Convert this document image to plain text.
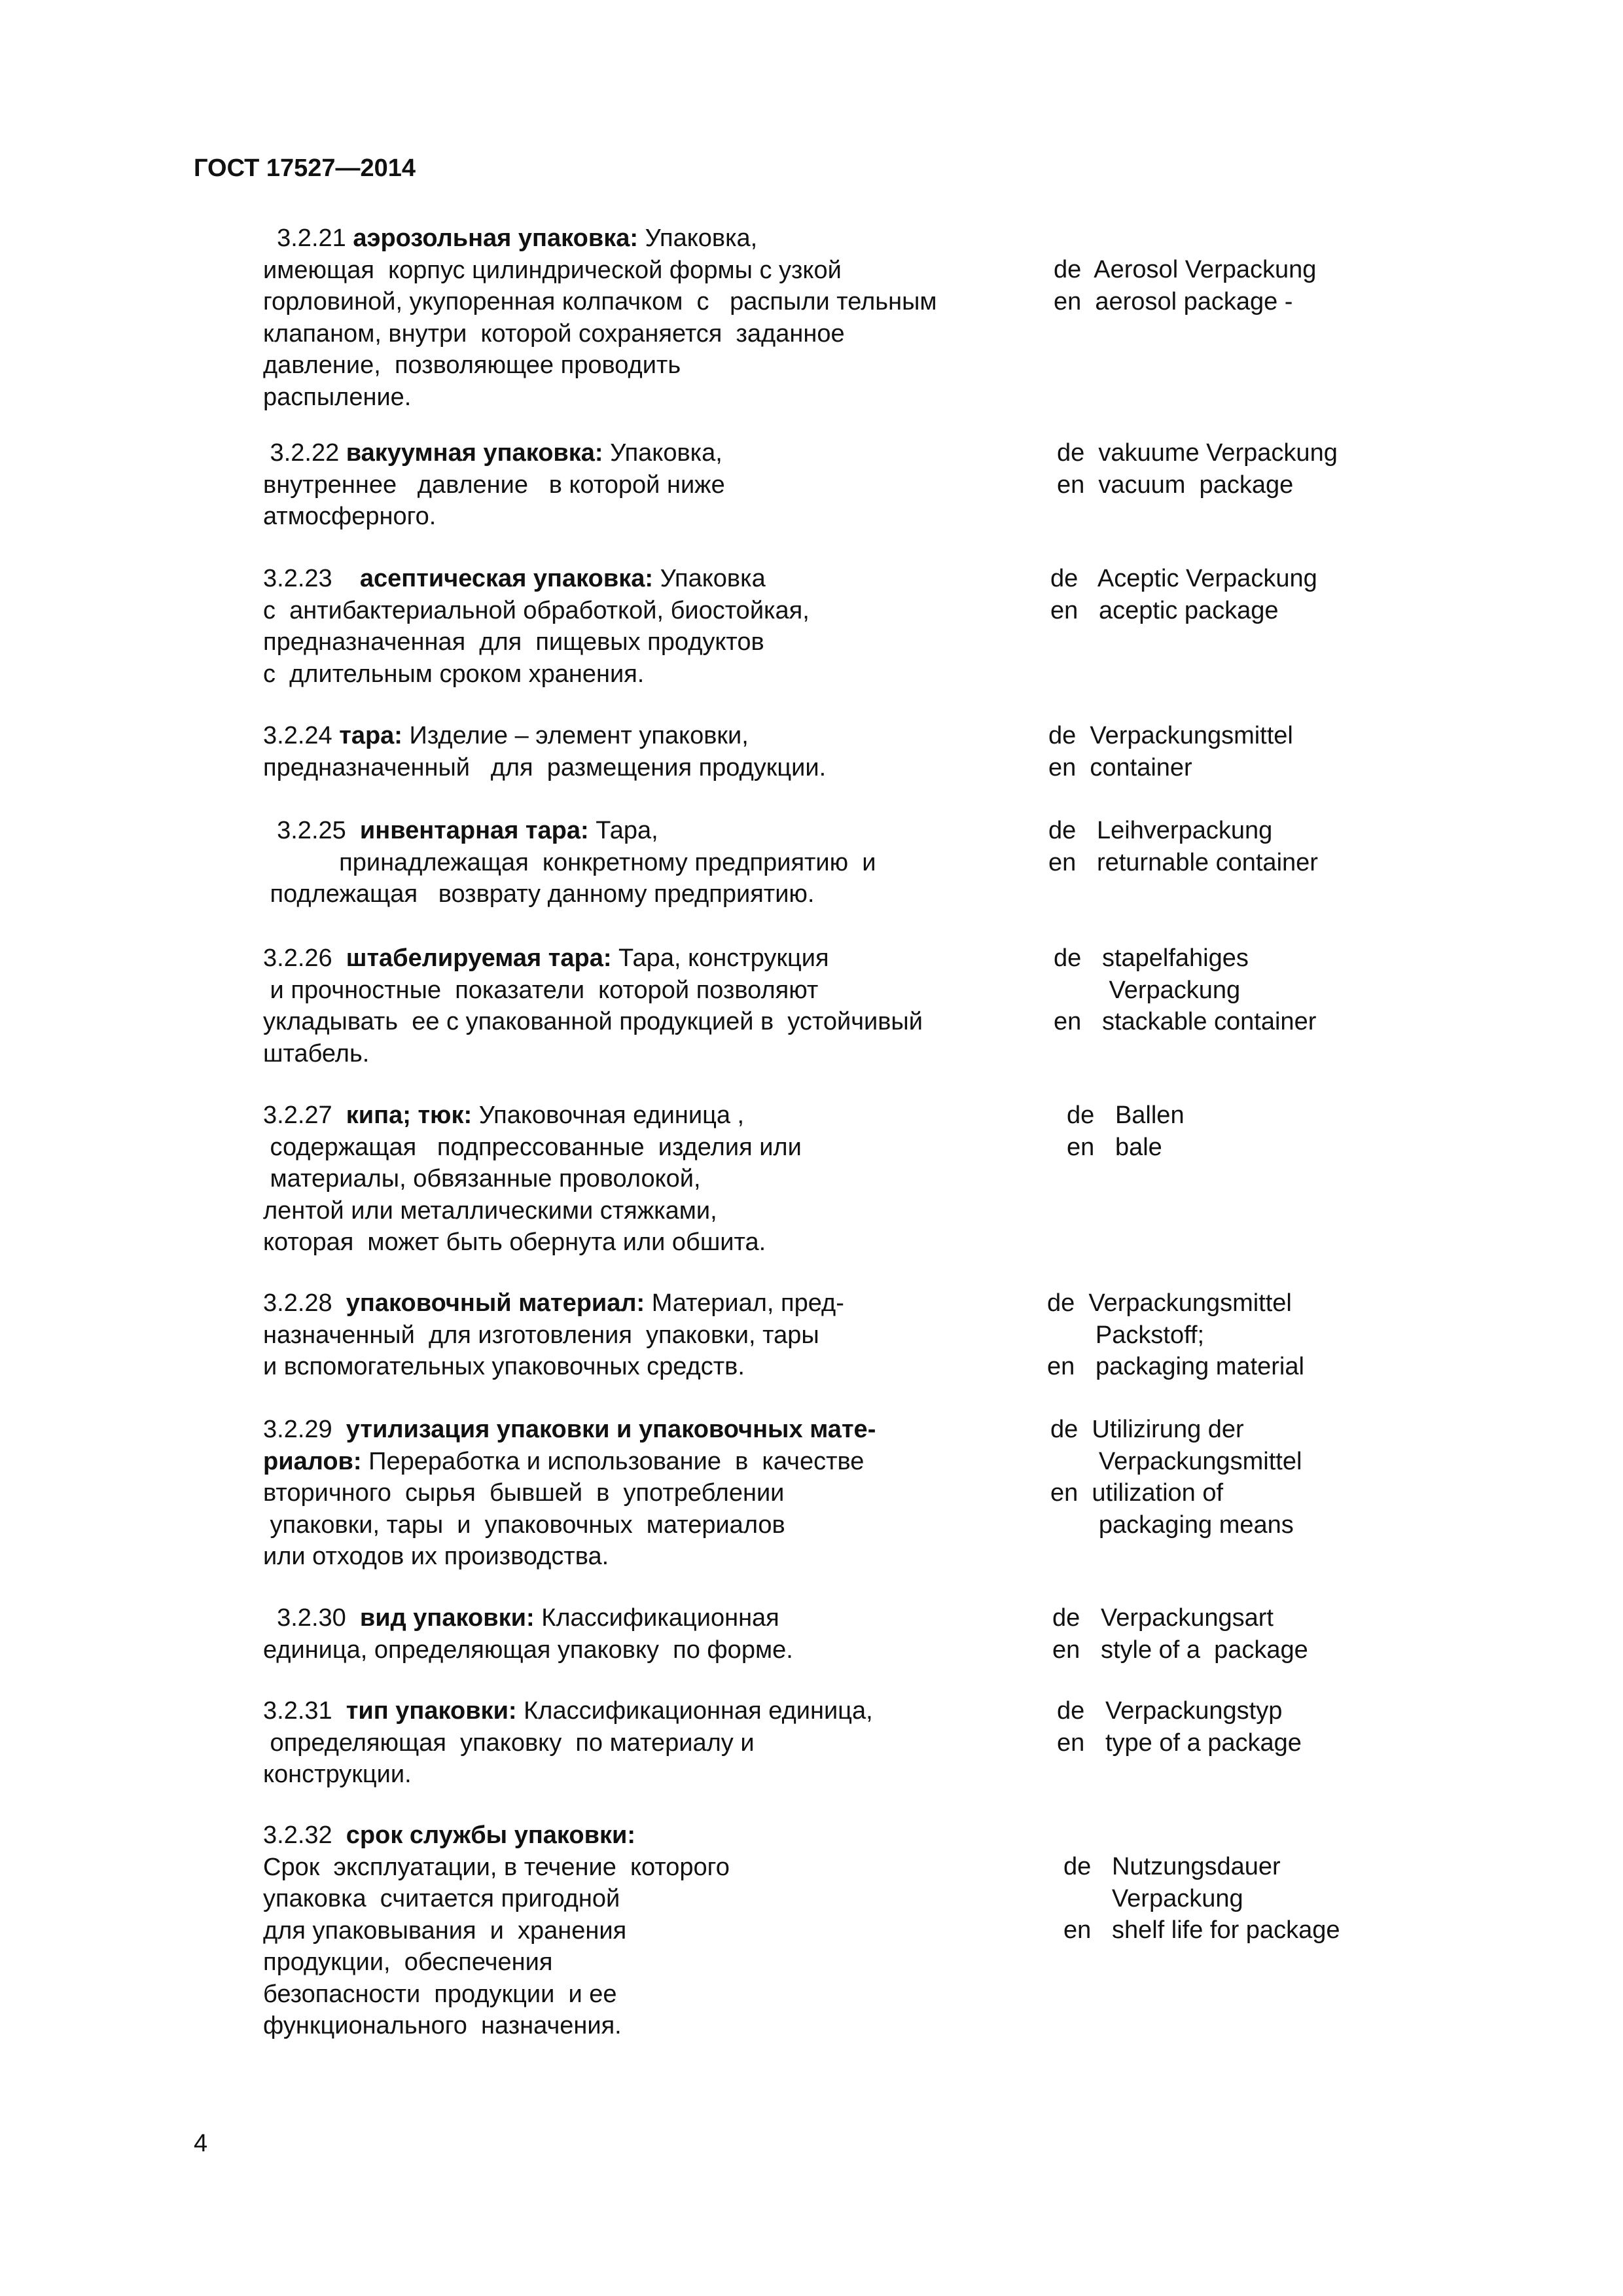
ГОСТ 17527—2014
3.2.21 аэрозольная упаковка: Упаковка,
имеющая  корпус цилиндрической формы с узкой
горловиной, укупоренная колпачком  с   распыли тельным
клапаном, внутри  которой сохраняется  заданное
давление,  позволяющее проводить
распыление.
de  Aerosol Verpackung
en  aerosol package -
3.2.22 вакуумная упаковка: Упаковка,
внутреннее   давление   в которой ниже
атмосферного.
de  vakuume Verpackung
en  vacuum  package
3.2.23    асептическая упаковка: Упаковка
с  антибактериальной обработкой, биостойкая,
предназначенная  для  пищевых продуктов
с  длительным сроком хранения.
de   Aceptic Verpackung
en   aceptic package
3.2.24 тара: Изделие – элемент упаковки,
предназначенный   для  размещения продукции.
de  Verpackungsmittel
en  container
3.2.25  инвентарная тара: Тара,
принадлежащая  конкретному предприятию  и
подлежащая   возврату данному предприятию.
de   Leihverpackung
en   returnable container
3.2.26  штабелируемая тара: Тара, конструкция
и прочностные  показатели  которой позволяют
укладывать  ее с упакованной продукцией в  устойчивый
штабель.
de   stapelfahiges
Verpackung
en   stackable container
3.2.27  кипа; тюк: Упаковочная единица ,
содержащая   подпрессованные  изделия или
материалы, обвязанные проволокой,
лентой или металлическими стяжками,
которая  может быть обернута или обшита.
de   Ballen
en   bale
3.2.28  упаковочный материал: Материал, пред-
назначенный  для изготовления  упаковки, тары
и вспомогательных упаковочных средств.
de  Verpackungsmittel
Packstoff;
en   packaging material
3.2.29  утилизация упаковки и упаковочных мате-
риалов: Переработка и использование  в  качестве
вторичного  сырья  бывшей  в  употреблении
упаковки, тары  и  упаковочных  материалов
или отходов их производства.
de  Utilizirung der
Verpackungsmittel
en  utilization of
packaging means
3.2.30  вид упаковки: Классификационная
единица, определяющая упаковку  по форме.
de   Verpackungsart
en   style of a  package
3.2.31  тип упаковки: Классификационная единица,
определяющая  упаковку  по материалу и
конструкции.
de   Verpackungstyp
en   type of a package
3.2.32  срок службы упаковки:
Срок  эксплуатации, в течение  которого
упаковка  считается пригодной
для упаковывания  и  хранения
продукции,  обеспечения
безопасности  продукции  и ее
функционального  назначения.
de   Nutzungsdauer
Verpackung
en   shelf life for package
4
